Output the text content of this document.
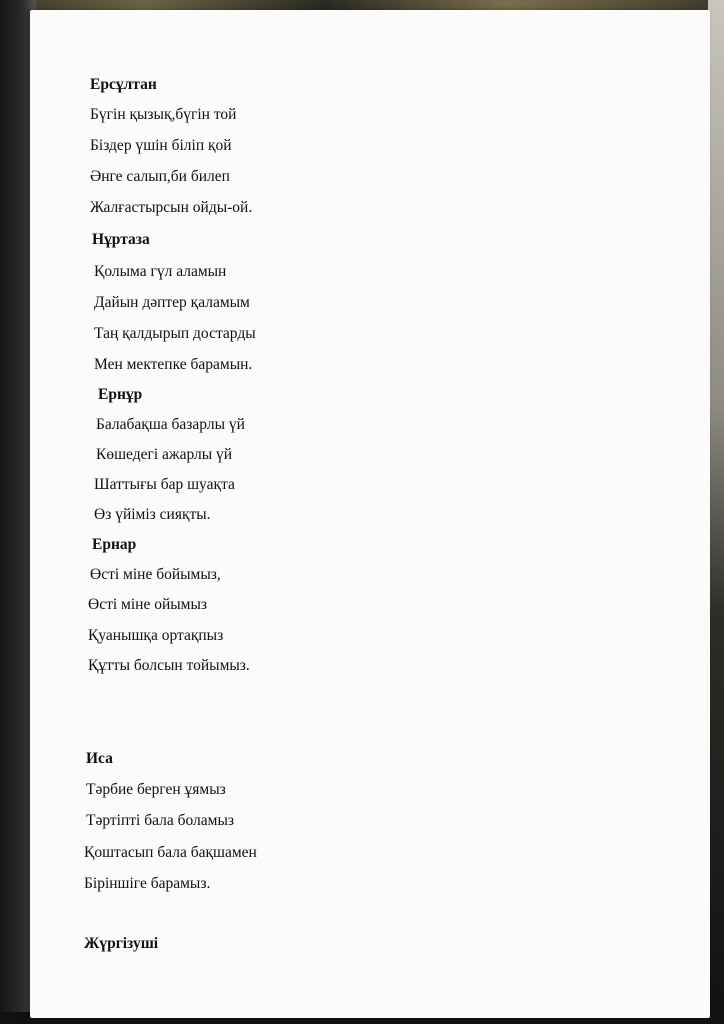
Ерсұлтан
Бүгін қызық,бүгін той
Біздер үшін біліп қой
Әнге салып,би билеп
Жалғастырсын ойды-ой.
Нұртаза
Қолыма гүл аламын
Дайын дәптер қаламым
Таң қалдырып достарды
Мен мектепке барамын.
Ернұр
Балабақша базарлы үй
Көшедегі ажарлы үй
Шаттығы бар шуақта
Өз үйіміз сияқты.
Ернар
Өсті міне бойымыз,
Өсті міне ойымыз
Қуанышқа ортақпыз
Құтты болсын тойымыз.
Иса
Тәрбие берген ұямыз
Тәртіпті бала боламыз
Қоштасып бала бақшамен
Біріншіге барамыз.
Жүргізуші
